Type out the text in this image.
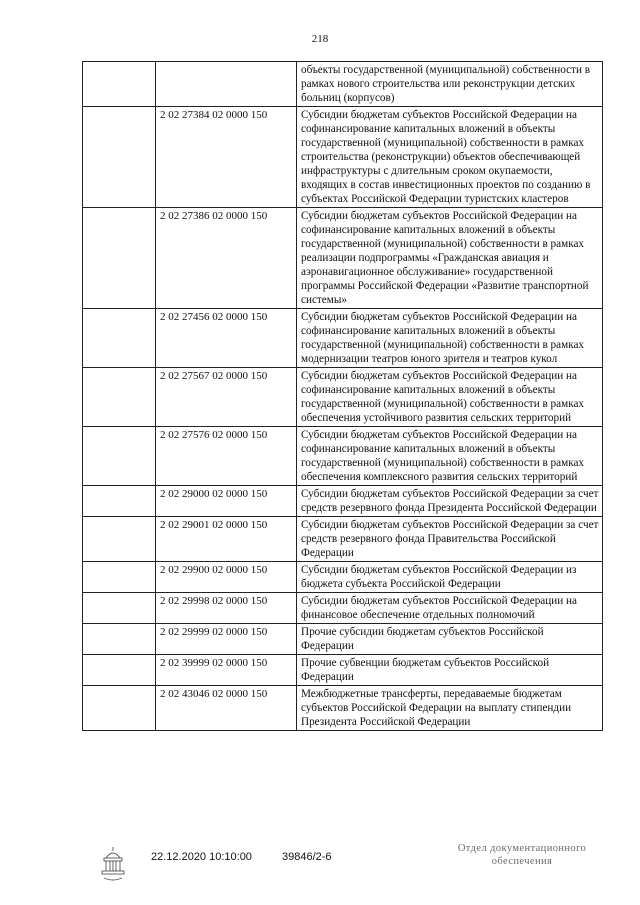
218
		объекты государственной (муниципальной) собственности в рамках нового строительства или реконструкции детских больниц (корпусов)
	2 02 27384 02 0000 150	Субсидии бюджетам субъектов Российской Федерации на софинансирование капитальных вложений в объекты государственной (муниципальной) собственности в рамках строительства (реконструкции) объектов обеспечивающей инфраструктуры с длительным сроком окупаемости, входящих в состав инвестиционных проектов по созданию в субъектах Российской Федерации туристских кластеров
	2 02 27386 02 0000 150	Субсидии бюджетам субъектов Российской Федерации на софинансирование капитальных вложений в объекты государственной (муниципальной) собственности в рамках реализации подпрограммы «Гражданская авиация и аэронавигационное обслуживание» государственной программы Российской Федерации «Развитие транспортной системы»
	2 02 27456 02 0000 150	Субсидии бюджетам субъектов Российской Федерации на софинансирование капитальных вложений в объекты государственной (муниципальной) собственности в рамках модернизации театров юного зрителя и театров кукол
	2 02 27567 02 0000 150	Субсидии бюджетам субъектов Российской Федерации на софинансирование капитальных вложений в объекты государственной (муниципальной) собственности в рамках обеспечения устойчивого развития сельских территорий
	2 02 27576 02 0000 150	Субсидии бюджетам субъектов Российской Федерации на софинансирование капитальных вложений в объекты государственной (муниципальной) собственности в рамках обеспечения комплексного развития сельских территорий
	2 02 29000 02 0000 150	Субсидии бюджетам субъектов Российской Федерации за счет средств резервного фонда Президента Российской Федерации
	2 02 29001 02 0000 150	Субсидии бюджетам субъектов Российской Федерации за счет средств резервного фонда Правительства Российской Федерации
	2 02 29900 02 0000 150	Субсидии бюджетам субъектов Российской Федерации из бюджета субъекта Российской Федерации
	2 02 29998 02 0000 150	Субсидии бюджетам субъектов Российской Федерации на финансовое обеспечение отдельных полномочий
	2 02 29999 02 0000 150	Прочие субсидии бюджетам субъектов Российской Федерации
	2 02 39999 02 0000 150	Прочие субвенции бюджетам субъектов Российской Федерации
	2 02 43046 02 0000 150	Межбюджетные трансферты, передаваемые бюджетам субъектов Российской Федерации на выплату стипендии Президента Российской Федерации
22.12.2020 10:10:00	39846/2-6
Отдел документационного
обеспечения
